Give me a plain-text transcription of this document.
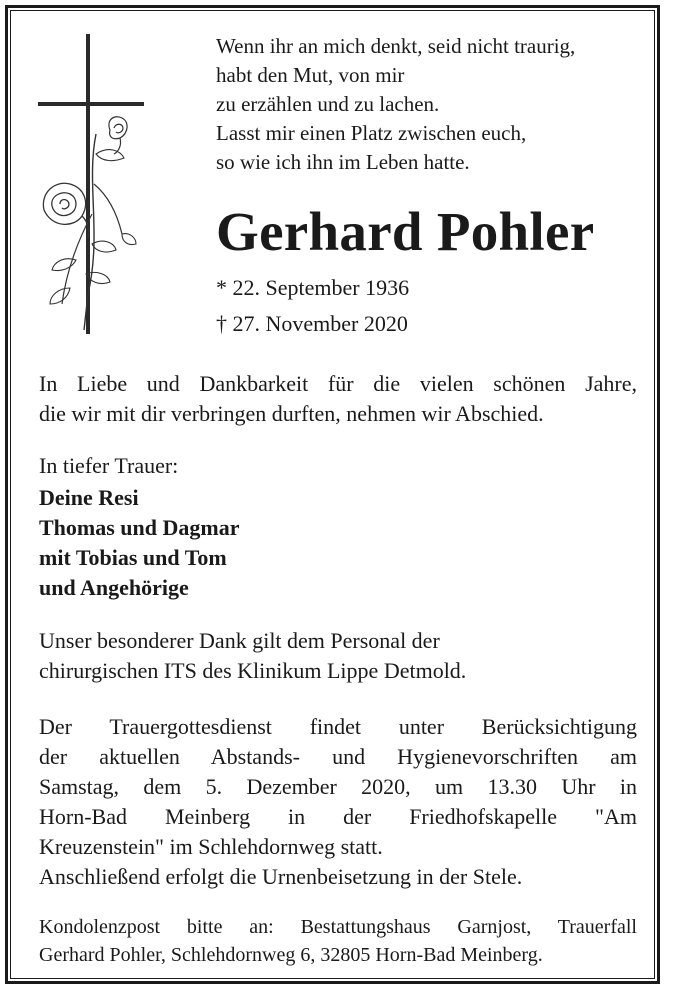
Wenn ihr an mich denkt, seid nicht traurig,
habt den Mut, von mir
zu erzählen und zu lachen.
Lasst mir einen Platz zwischen euch,
so wie ich ihn im Leben hatte.
Gerhard Pohler
* 22. September 1936
† 27. November 2020
In Liebe und Dankbarkeit für die vielen schönen Jahre,
die wir mit dir verbringen durften, nehmen wir Abschied.
In tiefer Trauer:
Deine Resi
Thomas und Dagmar
mit Tobias und Tom
und Angehörige
Unser besonderer Dank gilt dem Personal der
chirurgischen ITS des Klinikum Lippe Detmold.
Der Trauergottesdienst findet unter Berücksichtigung
der aktuellen Abstands- und Hygienevorschriften am
Samstag, dem 5. Dezember 2020, um 13.30 Uhr in
Horn-Bad Meinberg in der Friedhofskapelle "Am
Kreuzenstein" im Schlehdornweg statt.
Anschließend erfolgt die Urnenbeisetzung in der Stele.
Kondolenzpost bitte an: Bestattungshaus Garnjost, Trauerfall
Gerhard Pohler, Schlehdornweg 6, 32805 Horn-Bad Meinberg.
